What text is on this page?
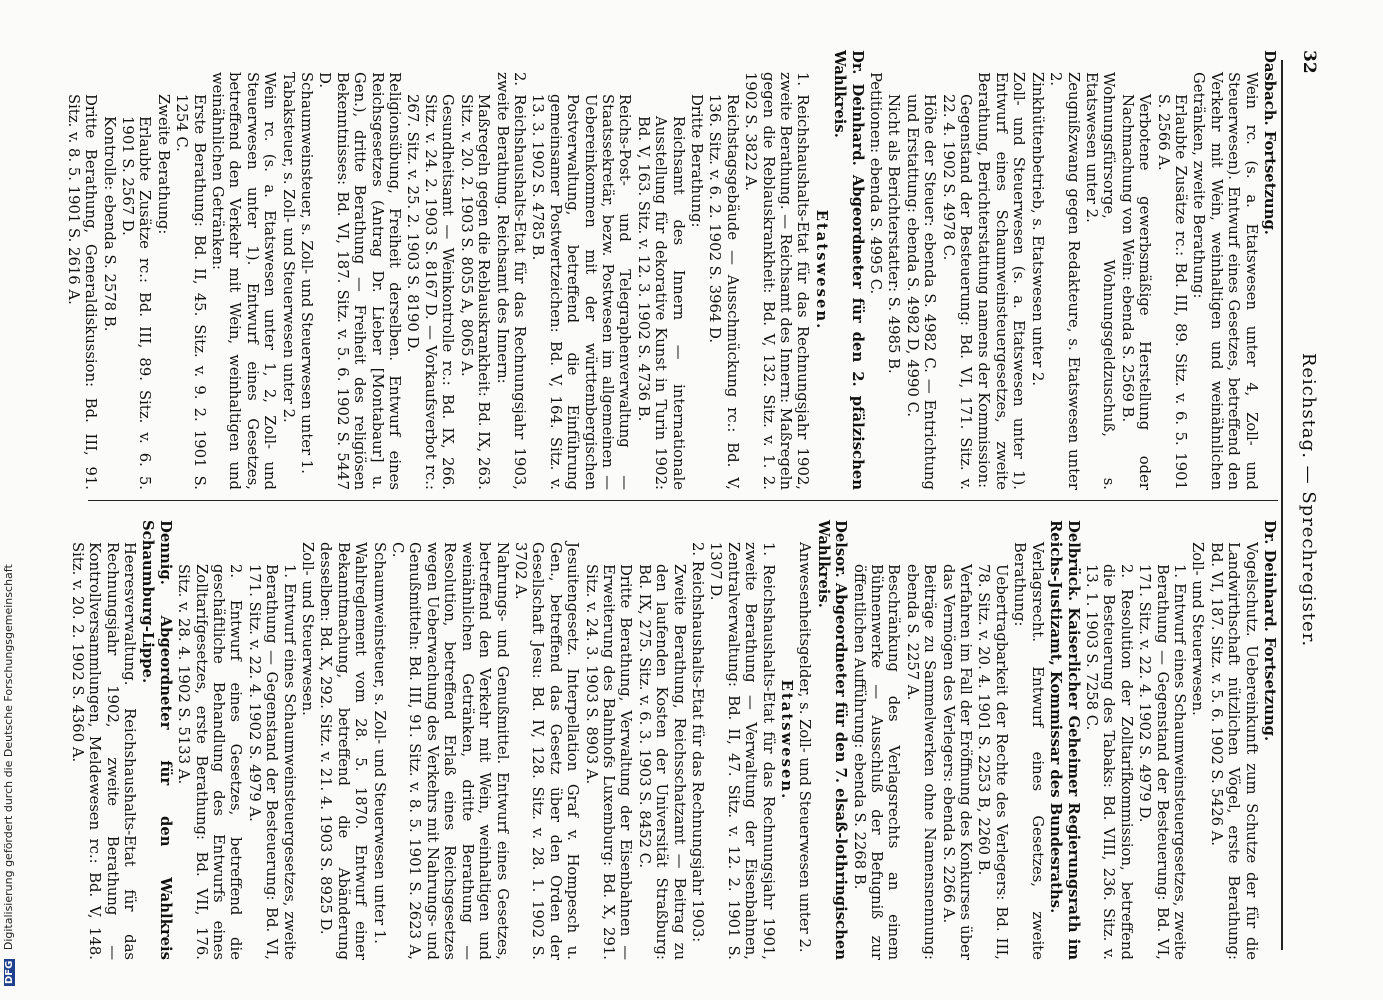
32
Reichstag. — Sprechregister.

Dasbach. Fortsetzung.

Wein rc. (s. a. Etatswesen unter 4, Zoll- und Steuerwesen). Entwurf eines Gesetzes, betreffend den Verkehr mit Wein, weinhaltigen und weinähnlichen Getränken, zweite Berathung:

Erlaubte Zusätze rc.: Bd. III, 89. Sitz. v. 6. 5. 1901 S. 2566 A.

Verbotene gewerbsmäßige Herstellung oder Nachmachung von Wein: ebenda S. 2569 B.

Wohnungsfürsorge, Wohnungsgeldzuschuß, s. Etatswesen unter 2.

Zeugnißzwang gegen Redakteure, s. Etatswesen unter 2.

Zinkhüttenbetrieb, s. Etatswesen unter 2.

Zoll- und Steuerwesen (s. a. Etatswesen unter 1). Entwurf eines Schaumweinsteuergesetzes, zweite Berathung, Berichterstattung namens der Kommission:

Gegenstand der Besteuerung: Bd. VI, 171. Sitz. v. 22. 4. 1902 S. 4978 C.

Höhe der Steuer: ebenda S. 4982 C. — Entrichtung und Erstattung: ebenda S. 4982 D, 4990 C.

Nicht als Berichterstatter: S. 4985 B.

Petitionen: ebenda S. 4995 C.

Dr. Deinhard. Abgeordneter für den 2. pfälzischen Wahlkreis.

Etatswesen.

1. Reichshaushalts-Etat für das Rechnungsjahr 1902, zweite Berathung. — Reichsamt des Innern: Maßregeln gegen die Reblauskrankheit: Bd. V, 132. Sitz. v. 1. 2. 1902 S. 3822 A.

Reichstagsgebäude — Ausschmückung rc.: Bd. V, 136. Sitz. v. 6. 2. 1902 S. 3964 D.

Dritte Berathung:

Reichsamt des Innern — internationale Ausstellung für dekorative Kunst in Turin 1902: Bd. V, 163. Sitz. v. 12. 3. 1902 S. 4736 B.

Reichs-Post- und Telegraphenverwaltung — Staatssekretär, bezw. Postwesen im allgemeinen — Uebereinkommen mit der württembergischen Postverwaltung, betreffend die Einführung gemeinsamer Postwertzeichen: Bd. V, 164. Sitz. v. 13. 3. 1902 S. 4785 B.

2. Reichshaushalts-Etat für das Rechnungsjahr 1903, zweite Berathung. Reichsamt des Innern:

Maßregeln gegen die Reblauskrankheit: Bd. IX, 263. Sitz. v. 20. 2. 1903 S. 8055 A, 8065 A.

Gesundheitsamt — Weinkontrolle rc.: Bd. IX, 266. Sitz. v. 24. 2. 1903 S. 8167 D. — Vorkaufsverbot rc.: 267. Sitz. v. 25. 2. 1903 S. 8190 D.

Religionsübung, Freiheit derselben. Entwurf eines Reichsgesetzes (Antrag Dr. Lieber [Montabaur] u. Gen.), dritte Berathung — Freiheit des religiösen Bekenntnisses: Bd. VI, 187. Sitz. v. 5. 6. 1902 S. 5447 D.

Schaumweinsteuer, s. Zoll- und Steuerwesen unter 1.

Tabaksteuer, s. Zoll- und Steuerwesen unter 2.

Wein rc. (s. a. Etatswesen unter 1, 2, Zoll- und Steuerwesen unter 1). Entwurf eines Gesetzes, betreffend den Verkehr mit Wein, weinhaltigen und weinähnlichen Getränken:

Erste Berathung: Bd. II, 45. Sitz. v. 9. 2. 1901 S. 1254 C.

Zweite Berathung:

Erlaubte Zusätze rc.: Bd. III, 89. Sitz. v. 6. 5. 1901 S. 2567 D.

Kontrolle: ebenda S. 2578 B.

Dritte Berathung, Generaldiskussion: Bd. III, 91. Sitz. v. 8. 5. 1901 S. 2616 A.

Dr. Deinhard. Fortsetzung.

Vogelschutz. Uebereinkunft zum Schutze der für die Landwirthschaft nützlichen Vögel, erste Berathung: Bd. VI, 187. Sitz. v. 5. 6. 1902 S. 5426 A.

Zoll- und Steuerwesen.

1. Entwurf eines Schaumweinsteuergesetzes, zweite Berathung — Gegenstand der Besteuerung: Bd. VI, 171. Sitz. v. 22. 4. 1902 S. 4979 D.

2. Resolution der Zolltarifkommission, betreffend die Besteuerung des Tabaks: Bd. VIII, 236. Sitz. v. 13. 1. 1903 S. 7258 C.

Delbrück. Kaiserlicher Geheimer Regierungsrath im Reichs-Justizamt, Kommissar des Bundesraths.

Verlagsrecht. Entwurf eines Gesetzes, zweite Berathung:

Uebertragbarkeit der Rechte des Verlegers: Bd. III, 78. Sitz. v. 20. 4. 1901 S. 2253 B, 2260 B.

Verfahren im Fall der Eröffnung des Konkurses über das Vermögen des Verlegers: ebenda S. 2266 A.

Beiträge zu Sammelwerken ohne Namensnennung: ebenda S. 2257 A.

Beschränkung des Verlagsrechts an einem Bühnenwerke — Ausschluß der Befugniß zur öffentlichen Aufführung: ebenda S. 2268 B.

Delsor. Abgeordneter für den 7. elsaß-lothringischen Wahlkreis.

Anwesenheitsgelder, s. Zoll- und Steuerwesen unter 2.

Etatswesen.

1. Reichshaushalts-Etat für das Rechnungsjahr 1901, zweite Berathung — Verwaltung der Eisenbahnen, Zentralverwaltung: Bd. II, 47. Sitz. v. 12. 2. 1901 S. 1307 D.

2. Reichshaushalts-Etat für das Rechnungsjahr 1903:

Zweite Berathung, Reichsschatzamt — Beitrag zu den laufenden Kosten der Universität Straßburg: Bd. IX, 275. Sitz. v. 6. 3. 1903 S. 8452 C.

Dritte Berathung, Verwaltung der Eisenbahnen — Erweiterung des Bahnhofs Luxemburg: Bd. X, 291. Sitz. v. 24. 3. 1903 S. 8903 A.

Jesuitengesetz. Interpellation Graf v. Hompesch u. Gen., betreffend das Gesetz über den Orden der Gesellschaft Jesu: Bd. IV, 128. Sitz. v. 28. 1. 1902 S. 3702 A.

Nahrungs- und Genußmittel. Entwurf eines Gesetzes, betreffend den Verkehr mit Wein, weinhaltigen und weinähnlichen Getränken, dritte Berathung — Resolution, betreffend Erlaß eines Reichsgesetzes wegen Ueberwachung des Verkehrs mit Nahrungs- und Genußmitteln: Bd. III, 91. Sitz. v. 8. 5. 1901 S. 2623 A, C.

Schaumweinsteuer, s. Zoll- und Steuerwesen unter 1.

Wahlreglement vom 28. 5. 1870. Entwurf einer Bekanntmachung, betreffend die Abänderung desselben: Bd. X, 292. Sitz. v. 21. 4. 1903 S. 8925 D.

Zoll- und Steuerwesen.

1. Entwurf eines Schaumweinsteuergesetzes, zweite Berathung — Gegenstand der Besteuerung: Bd. VI, 171. Sitz. v. 22. 4. 1902 S. 4979 A.

2. Entwurf eines Gesetzes, betreffend die geschäftliche Behandlung des Entwurfs eines Zolltarifgesetzes, erste Berathung: Bd. VII, 176. Sitz. v. 28. 4. 1902 S. 5133 A.

Dennig. Abgeordneter für den Wahlkreis Schaumburg-Lippe.

Heeresverwaltung. Reichshaushalts-Etat für das Rechnungsjahr 1902, zweite Berathung — Kontrollversammlungen, Meldewesen rc.: Bd. V, 148. Sitz. v. 20. 2. 1902 S. 4360 A.

DFG Digitalisierung gefördert durch die Deutsche Forschungsgemeinschaft
